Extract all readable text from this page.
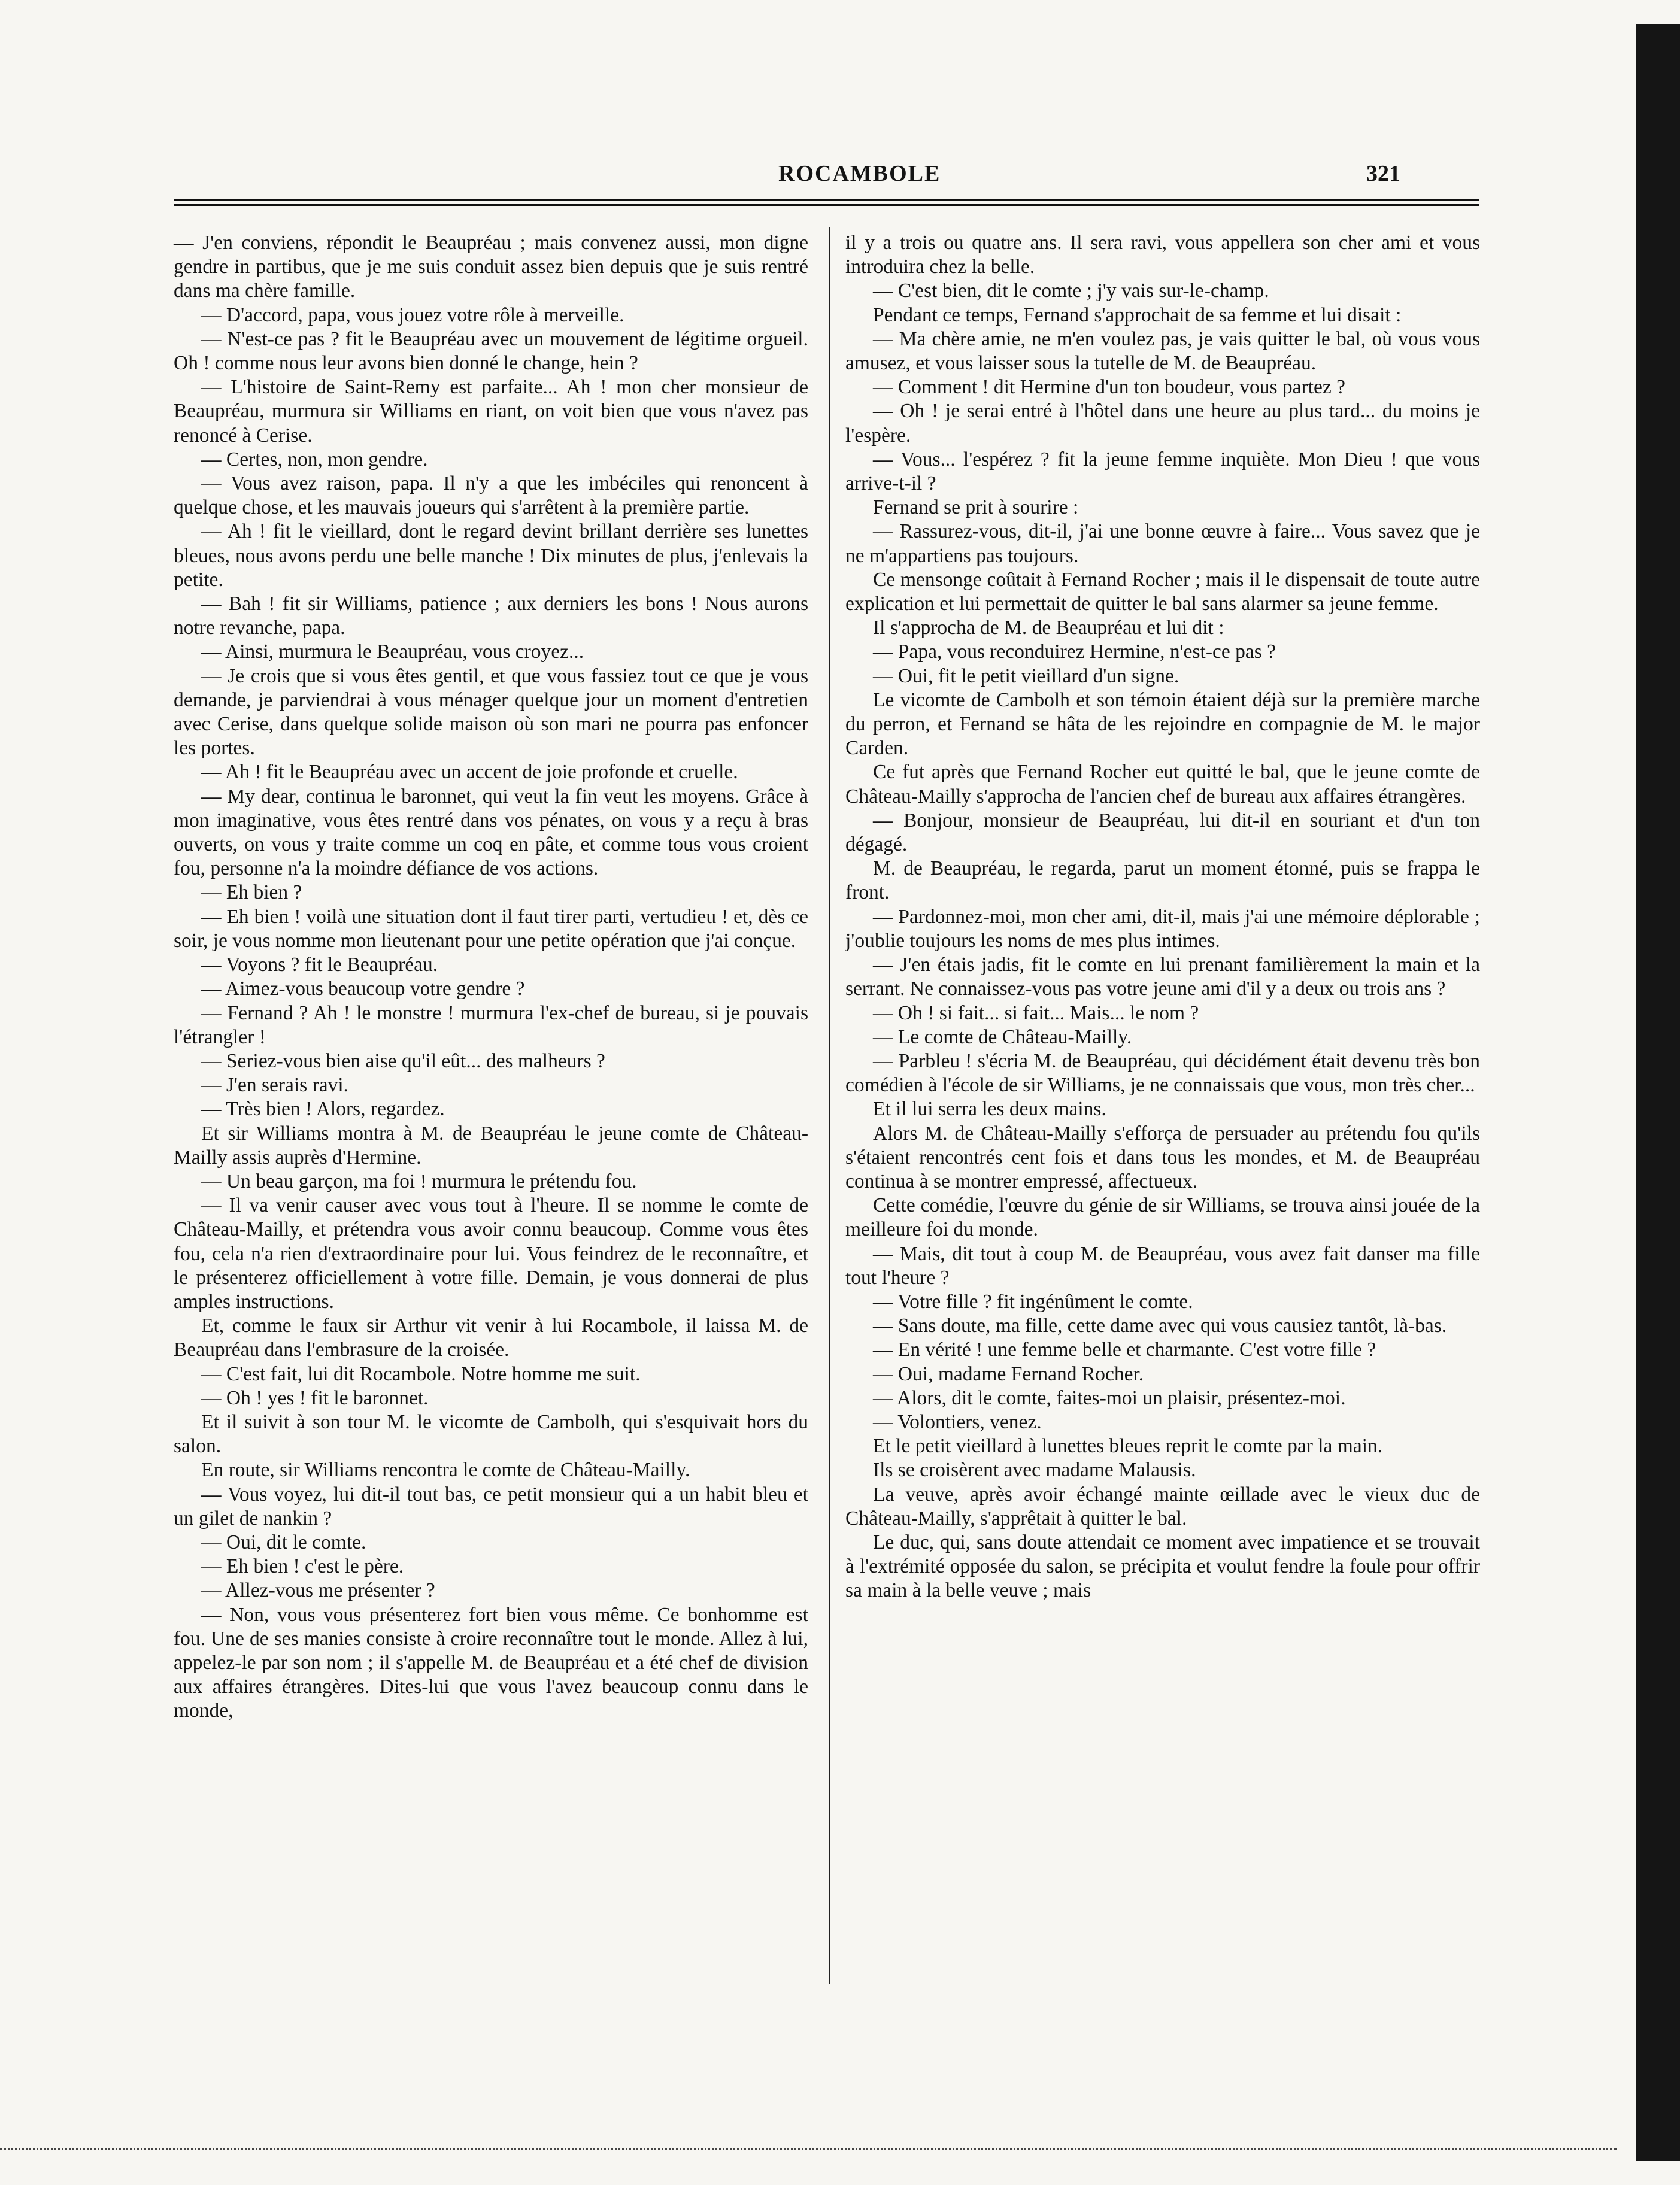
ROCAMBOLE	321

— J'en conviens, répondit le Beaupréau ; mais convenez aussi, mon digne gendre in partibus, que je me suis conduit assez bien depuis que je suis rentré dans ma chère famille.

— D'accord, papa, vous jouez votre rôle à merveille.

— N'est-ce pas ? fit le Beaupréau avec un mouvement de légitime orgueil. Oh ! comme nous leur avons bien donné le change, hein ?

— L'histoire de Saint-Remy est parfaite... Ah ! mon cher monsieur de Beaupréau, murmura sir Williams en riant, on voit bien que vous n'avez pas renoncé à Cerise.

— Certes, non, mon gendre.

— Vous avez raison, papa. Il n'y a que les imbéciles qui renoncent à quelque chose, et les mauvais joueurs qui s'arrêtent à la première partie.

— Ah ! fit le vieillard, dont le regard devint brillant derrière ses lunettes bleues, nous avons perdu une belle manche ! Dix minutes de plus, j'enlevais la petite.

— Bah ! fit sir Williams, patience ; aux derniers les bons ! Nous aurons notre revanche, papa.

— Ainsi, murmura le Beaupréau, vous croyez...

— Je crois que si vous êtes gentil, et que vous fassiez tout ce que je vous demande, je parviendrai à vous ménager quelque jour un moment d'entretien avec Cerise, dans quelque solide maison où son mari ne pourra pas enfoncer les portes.

— Ah ! fit le Beaupréau avec un accent de joie profonde et cruelle.

— My dear, continua le baronnet, qui veut la fin veut les moyens. Grâce à mon imaginative, vous êtes rentré dans vos pénates, on vous y a reçu à bras ouverts, on vous y traite comme un coq en pâte, et comme tous vous croient fou, personne n'a la moindre défiance de vos actions.

— Eh bien ?

— Eh bien ! voilà une situation dont il faut tirer parti, vertudieu ! et, dès ce soir, je vous nomme mon lieutenant pour une petite opération que j'ai conçue.

— Voyons ? fit le Beaupréau.

— Aimez-vous beaucoup votre gendre ?

— Fernand ? Ah ! le monstre ! murmura l'ex-chef de bureau, si je pouvais l'étrangler !

— Seriez-vous bien aise qu'il eût... des malheurs ?

— J'en serais ravi.

— Très bien ! Alors, regardez.

Et sir Williams montra à M. de Beaupréau le jeune comte de Château-Mailly assis auprès d'Hermine.

— Un beau garçon, ma foi ! murmura le prétendu fou.

— Il va venir causer avec vous tout à l'heure. Il se nomme le comte de Château-Mailly, et prétendra vous avoir connu beaucoup. Comme vous êtes fou, cela n'a rien d'extraordinaire pour lui. Vous feindrez de le reconnaître, et le présenterez officiellement à votre fille. Demain, je vous donnerai de plus amples instructions.

Et, comme le faux sir Arthur vit venir à lui Rocambole, il laissa M. de Beaupréau dans l'embrasure de la croisée.

— C'est fait, lui dit Rocambole. Notre homme me suit.

— Oh ! yes ! fit le baronnet.

Et il suivit à son tour M. le vicomte de Cambolh, qui s'esquivait hors du salon.

En route, sir Williams rencontra le comte de Château-Mailly.

— Vous voyez, lui dit-il tout bas, ce petit monsieur qui a un habit bleu et un gilet de nankin ?

— Oui, dit le comte.

— Eh bien ! c'est le père.

— Allez-vous me présenter ?

— Non, vous vous présenterez fort bien vous même. Ce bonhomme est fou. Une de ses manies consiste à croire reconnaître tout le monde. Allez à lui, appelez-le par son nom ; il s'appelle M. de Beaupréau et a été chef de division aux affaires étrangères. Dites-lui que vous l'avez beaucoup connu dans le monde,

il y a trois ou quatre ans. Il sera ravi, vous appellera son cher ami et vous introduira chez la belle.

— C'est bien, dit le comte ; j'y vais sur-le-champ.

Pendant ce temps, Fernand s'approchait de sa femme et lui disait :

— Ma chère amie, ne m'en voulez pas, je vais quitter le bal, où vous vous amusez, et vous laisser sous la tutelle de M. de Beaupréau.

— Comment ! dit Hermine d'un ton boudeur, vous partez ?

— Oh ! je serai entré à l'hôtel dans une heure au plus tard... du moins je l'espère.

— Vous... l'espérez ? fit la jeune femme inquiète. Mon Dieu ! que vous arrive-t-il ?

Fernand se prit à sourire :

— Rassurez-vous, dit-il, j'ai une bonne œuvre à faire... Vous savez que je ne m'appartiens pas toujours.

Ce mensonge coûtait à Fernand Rocher ; mais il le dispensait de toute autre explication et lui permettait de quitter le bal sans alarmer sa jeune femme.

Il s'approcha de M. de Beaupréau et lui dit :

— Papa, vous reconduirez Hermine, n'est-ce pas ?

— Oui, fit le petit vieillard d'un signe.

Le vicomte de Cambolh et son témoin étaient déjà sur la première marche du perron, et Fernand se hâta de les rejoindre en compagnie de M. le major Carden.

Ce fut après que Fernand Rocher eut quitté le bal, que le jeune comte de Château-Mailly s'approcha de l'ancien chef de bureau aux affaires étrangères.

— Bonjour, monsieur de Beaupréau, lui dit-il en souriant et d'un ton dégagé.

M. de Beaupréau, le regarda, parut un moment étonné, puis se frappa le front.

— Pardonnez-moi, mon cher ami, dit-il, mais j'ai une mémoire déplorable ; j'oublie toujours les noms de mes plus intimes.

— J'en étais jadis, fit le comte en lui prenant familièrement la main et la serrant. Ne connaissez-vous pas votre jeune ami d'il y a deux ou trois ans ?

— Oh ! si fait... si fait... Mais... le nom ?

— Le comte de Château-Mailly.

— Parbleu ! s'écria M. de Beaupréau, qui décidément était devenu très bon comédien à l'école de sir Williams, je ne connaissais que vous, mon très cher...

Et il lui serra les deux mains.

Alors M. de Château-Mailly s'efforça de persuader au prétendu fou qu'ils s'étaient rencontrés cent fois et dans tous les mondes, et M. de Beaupréau continua à se montrer empressé, affectueux.

Cette comédie, l'œuvre du génie de sir Williams, se trouva ainsi jouée de la meilleure foi du monde.

— Mais, dit tout à coup M. de Beaupréau, vous avez fait danser ma fille tout l'heure ?

— Votre fille ? fit ingénûment le comte.

— Sans doute, ma fille, cette dame avec qui vous causiez tantôt, là-bas.

— En vérité ! une femme belle et charmante. C'est votre fille ?

— Oui, madame Fernand Rocher.

— Alors, dit le comte, faites-moi un plaisir, présentez-moi.

— Volontiers, venez.

Et le petit vieillard à lunettes bleues reprit le comte par la main.

Ils se croisèrent avec madame Malausis.

La veuve, après avoir échangé mainte œillade avec le vieux duc de Château-Mailly, s'apprêtait à quitter le bal.

Le duc, qui, sans doute attendait ce moment avec impatience et se trouvait à l'extrémité opposée du salon, se précipita et voulut fendre la foule pour offrir sa main à la belle veuve ; mais
